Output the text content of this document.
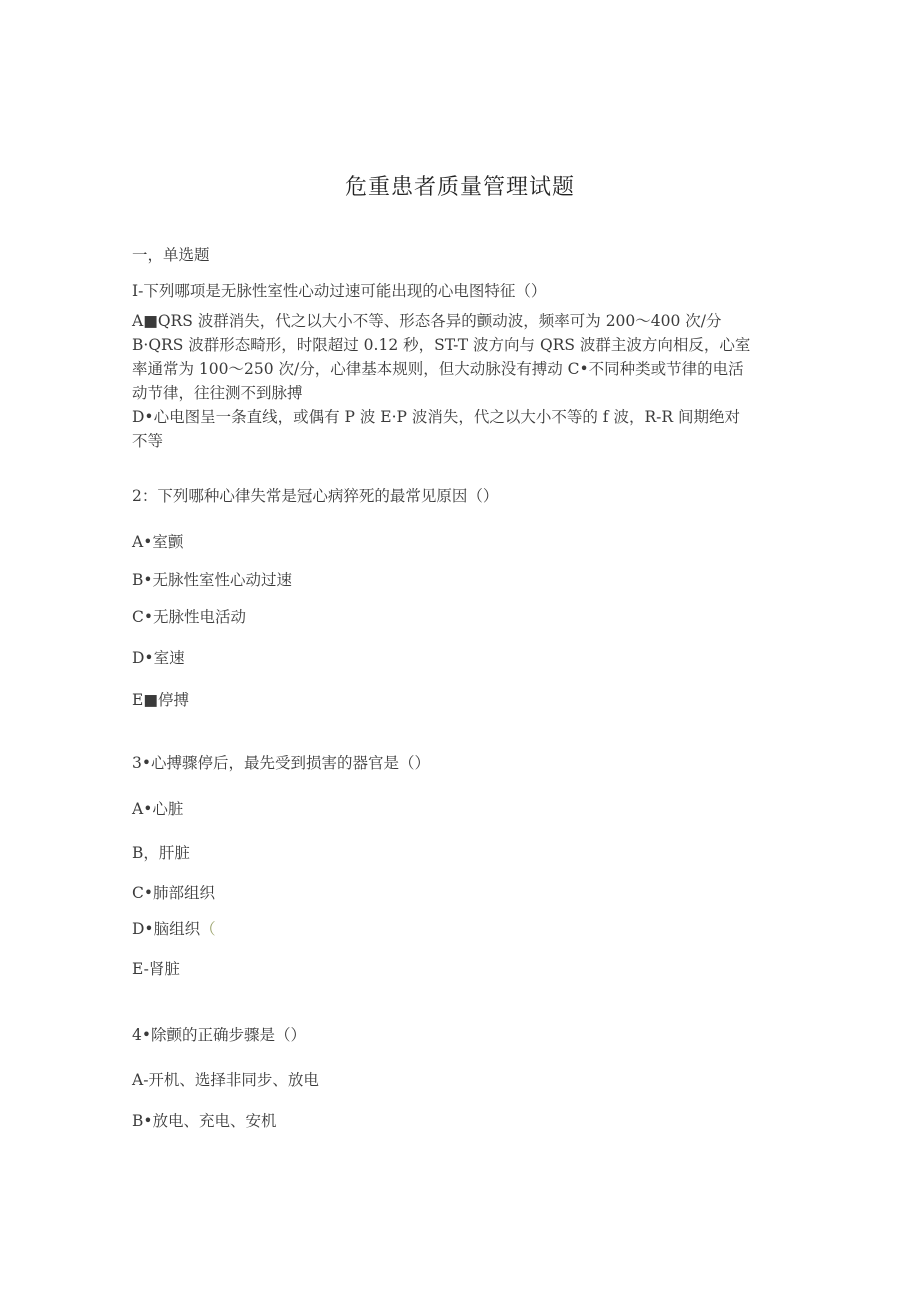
危重患者质量管理试题
一，单选题
I-下列哪项是无脉性室性心动过速可能出现的心电图特征（）
A■QRS 波群消失，代之以大小不等、形态各异的颤动波，频率可为 200～400 次/分
B·QRS 波群形态畸形，时限超过 0.12 秒，ST-T 波方向与 QRS 波群主波方向相反，心室
率通常为 100～250 次/分，心律基本规则，但大动脉没有搏动 C•不同种类或节律的电活
动节律，往往测不到脉搏
D•心电图呈一条直线，或偶有 P 波 E·P 波消失，代之以大小不等的 f 波，R-R 间期绝对
不等
2：下列哪种心律失常是冠心病猝死的最常见原因（）
A•室颤
B•无脉性室性心动过速
C•无脉性电活动
D•室速
E■停搏
3•心搏骤停后，最先受到损害的器官是（）
A•心脏
B，肝脏
C•肺部组织
D•脑组织（
E-肾脏
4•除颤的正确步骤是（）
A-开机、选择非同步、放电
B•放电、充电、安机
